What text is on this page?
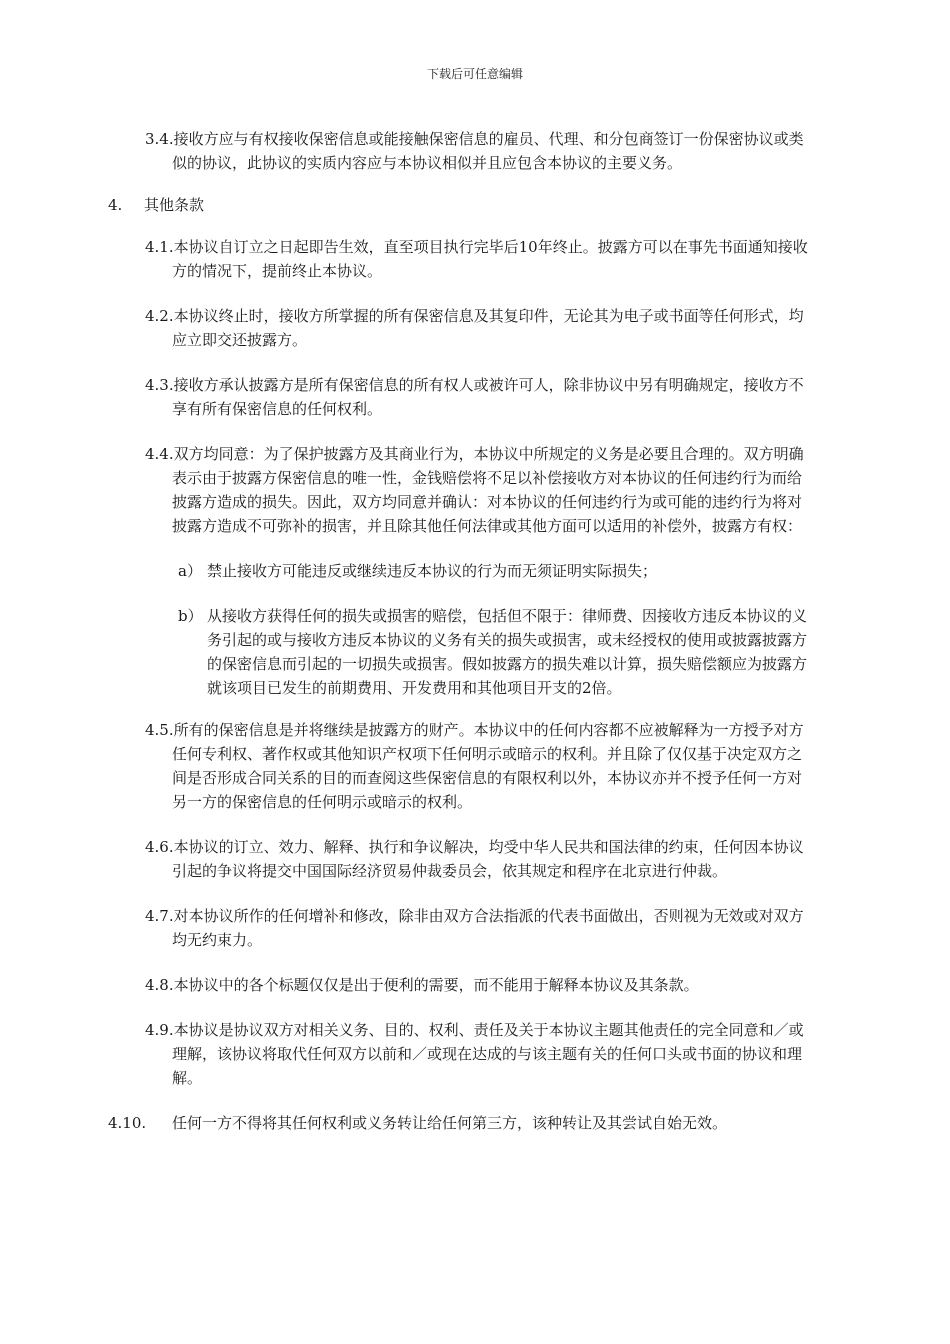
下载后可任意编辑
3.4.接收方应与有权接收保密信息或能接触保密信息的雇员、代理、和分包商签订一份保密协议或类似的协议，此协议的实质内容应与本协议相似并且应包含本协议的主要义务。
4. 其他条款
4.1.本协议自订立之日起即告生效，直至项目执行完毕后10年终止。披露方可以在事先书面通知接收方的情况下，提前终止本协议。
4.2.本协议终止时，接收方所掌握的所有保密信息及其复印件，无论其为电子或书面等任何形式，均应立即交还披露方。
4.3.接收方承认披露方是所有保密信息的所有权人或被许可人，除非协议中另有明确规定，接收方不享有所有保密信息的任何权利。
4.4.双方均同意：为了保护披露方及其商业行为，本协议中所规定的义务是必要且合理的。双方明确表示由于披露方保密信息的唯一性，金钱赔偿将不足以补偿接收方对本协议的任何违约行为而给披露方造成的损失。因此，双方均同意并确认：对本协议的任何违约行为或可能的违约行为将对披露方造成不可弥补的损害，并且除其他任何法律或其他方面可以适用的补偿外，披露方有权：
a） 禁止接收方可能违反或继续违反本协议的行为而无须证明实际损失；
b） 从接收方获得任何的损失或损害的赔偿，包括但不限于：律师费、因接收方违反本协议的义务引起的或与接收方违反本协议的义务有关的损失或损害，或未经授权的使用或披露披露方的保密信息而引起的一切损失或损害。假如披露方的损失难以计算，损失赔偿额应为披露方就该项目已发生的前期费用、开发费用和其他项目开支的2倍。
4.5.所有的保密信息是并将继续是披露方的财产。本协议中的任何内容都不应被解释为一方授予对方任何专利权、著作权或其他知识产权项下任何明示或暗示的权利。并且除了仅仅基于决定双方之间是否形成合同关系的目的而查阅这些保密信息的有限权利以外，本协议亦并不授予任何一方对另一方的保密信息的任何明示或暗示的权利。
4.6.本协议的订立、效力、解释、执行和争议解决，均受中华人民共和国法律的约束，任何因本协议引起的争议将提交中国国际经济贸易仲裁委员会，依其规定和程序在北京进行仲裁。
4.7.对本协议所作的任何增补和修改，除非由双方合法指派的代表书面做出，否则视为无效或对双方均无约束力。
4.8.本协议中的各个标题仅仅是出于便利的需要，而不能用于解释本协议及其条款。
4.9.本协议是协议双方对相关义务、目的、权利、责任及关于本协议主题其他责任的完全同意和／或理解，该协议将取代任何双方以前和／或现在达成的与该主题有关的任何口头或书面的协议和理解。
4.10. 任何一方不得将其任何权利或义务转让给任何第三方，该种转让及其尝试自始无效。
